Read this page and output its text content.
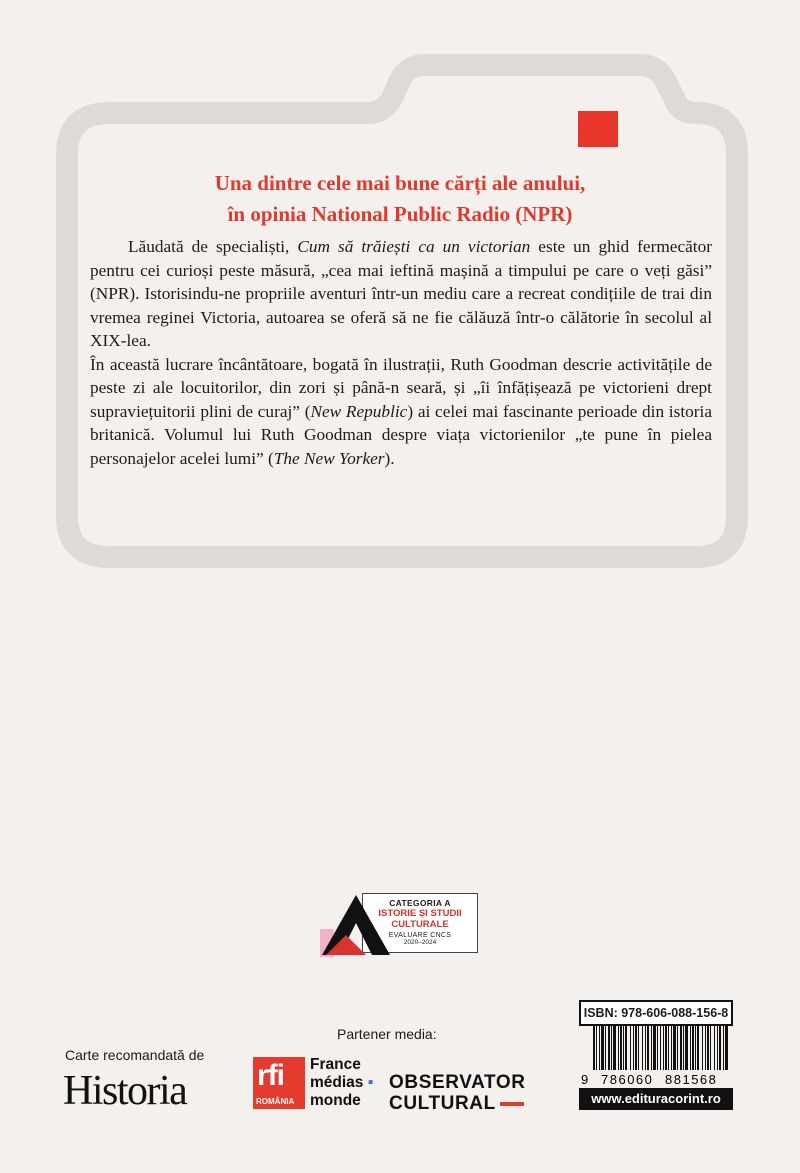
Una dintre cele mai bune cărți ale anului,
în opinia National Public Radio (NPR)

Lăudată de specialiști, Cum să trăiești ca un victorian este un ghid fermecător pentru cei curioși peste măsură, „cea mai ieftină mașină a timpului pe care o veți găsi” (NPR). Istorisindu-ne propriile aventuri într-un mediu care a recreat condițiile de trai din vremea reginei Victoria, autoarea se oferă să ne fie călăuză într-o călătorie în secolul al XIX-lea.

În această lucrare încântătoare, bogată în ilustrații, Ruth Goodman descrie activitățile de peste zi ale locuitorilor, din zori și până-n seară, și „îi înfățișează pe victorieni drept supraviețuitorii plini de curaj” (New Republic) ai celei mai fascinante perioade din istoria britanică. Volumul lui Ruth Goodman despre viața victorienilor „te pune în pielea personajelor acelei lumi” (The New Yorker).

CATEGORIA A
ISTORIE ȘI STUDII
CULTURALE
EVALUARE CNCS
2020–2024
Partener media:
Carte recomandată de
Historia rfi
ROMÂNIA
France
médias ▪
monde
OBSERVATOR
CULTURAL
ISBN: 978-606-088-156-8
9 786060 881568
www.edituracorint.ro
